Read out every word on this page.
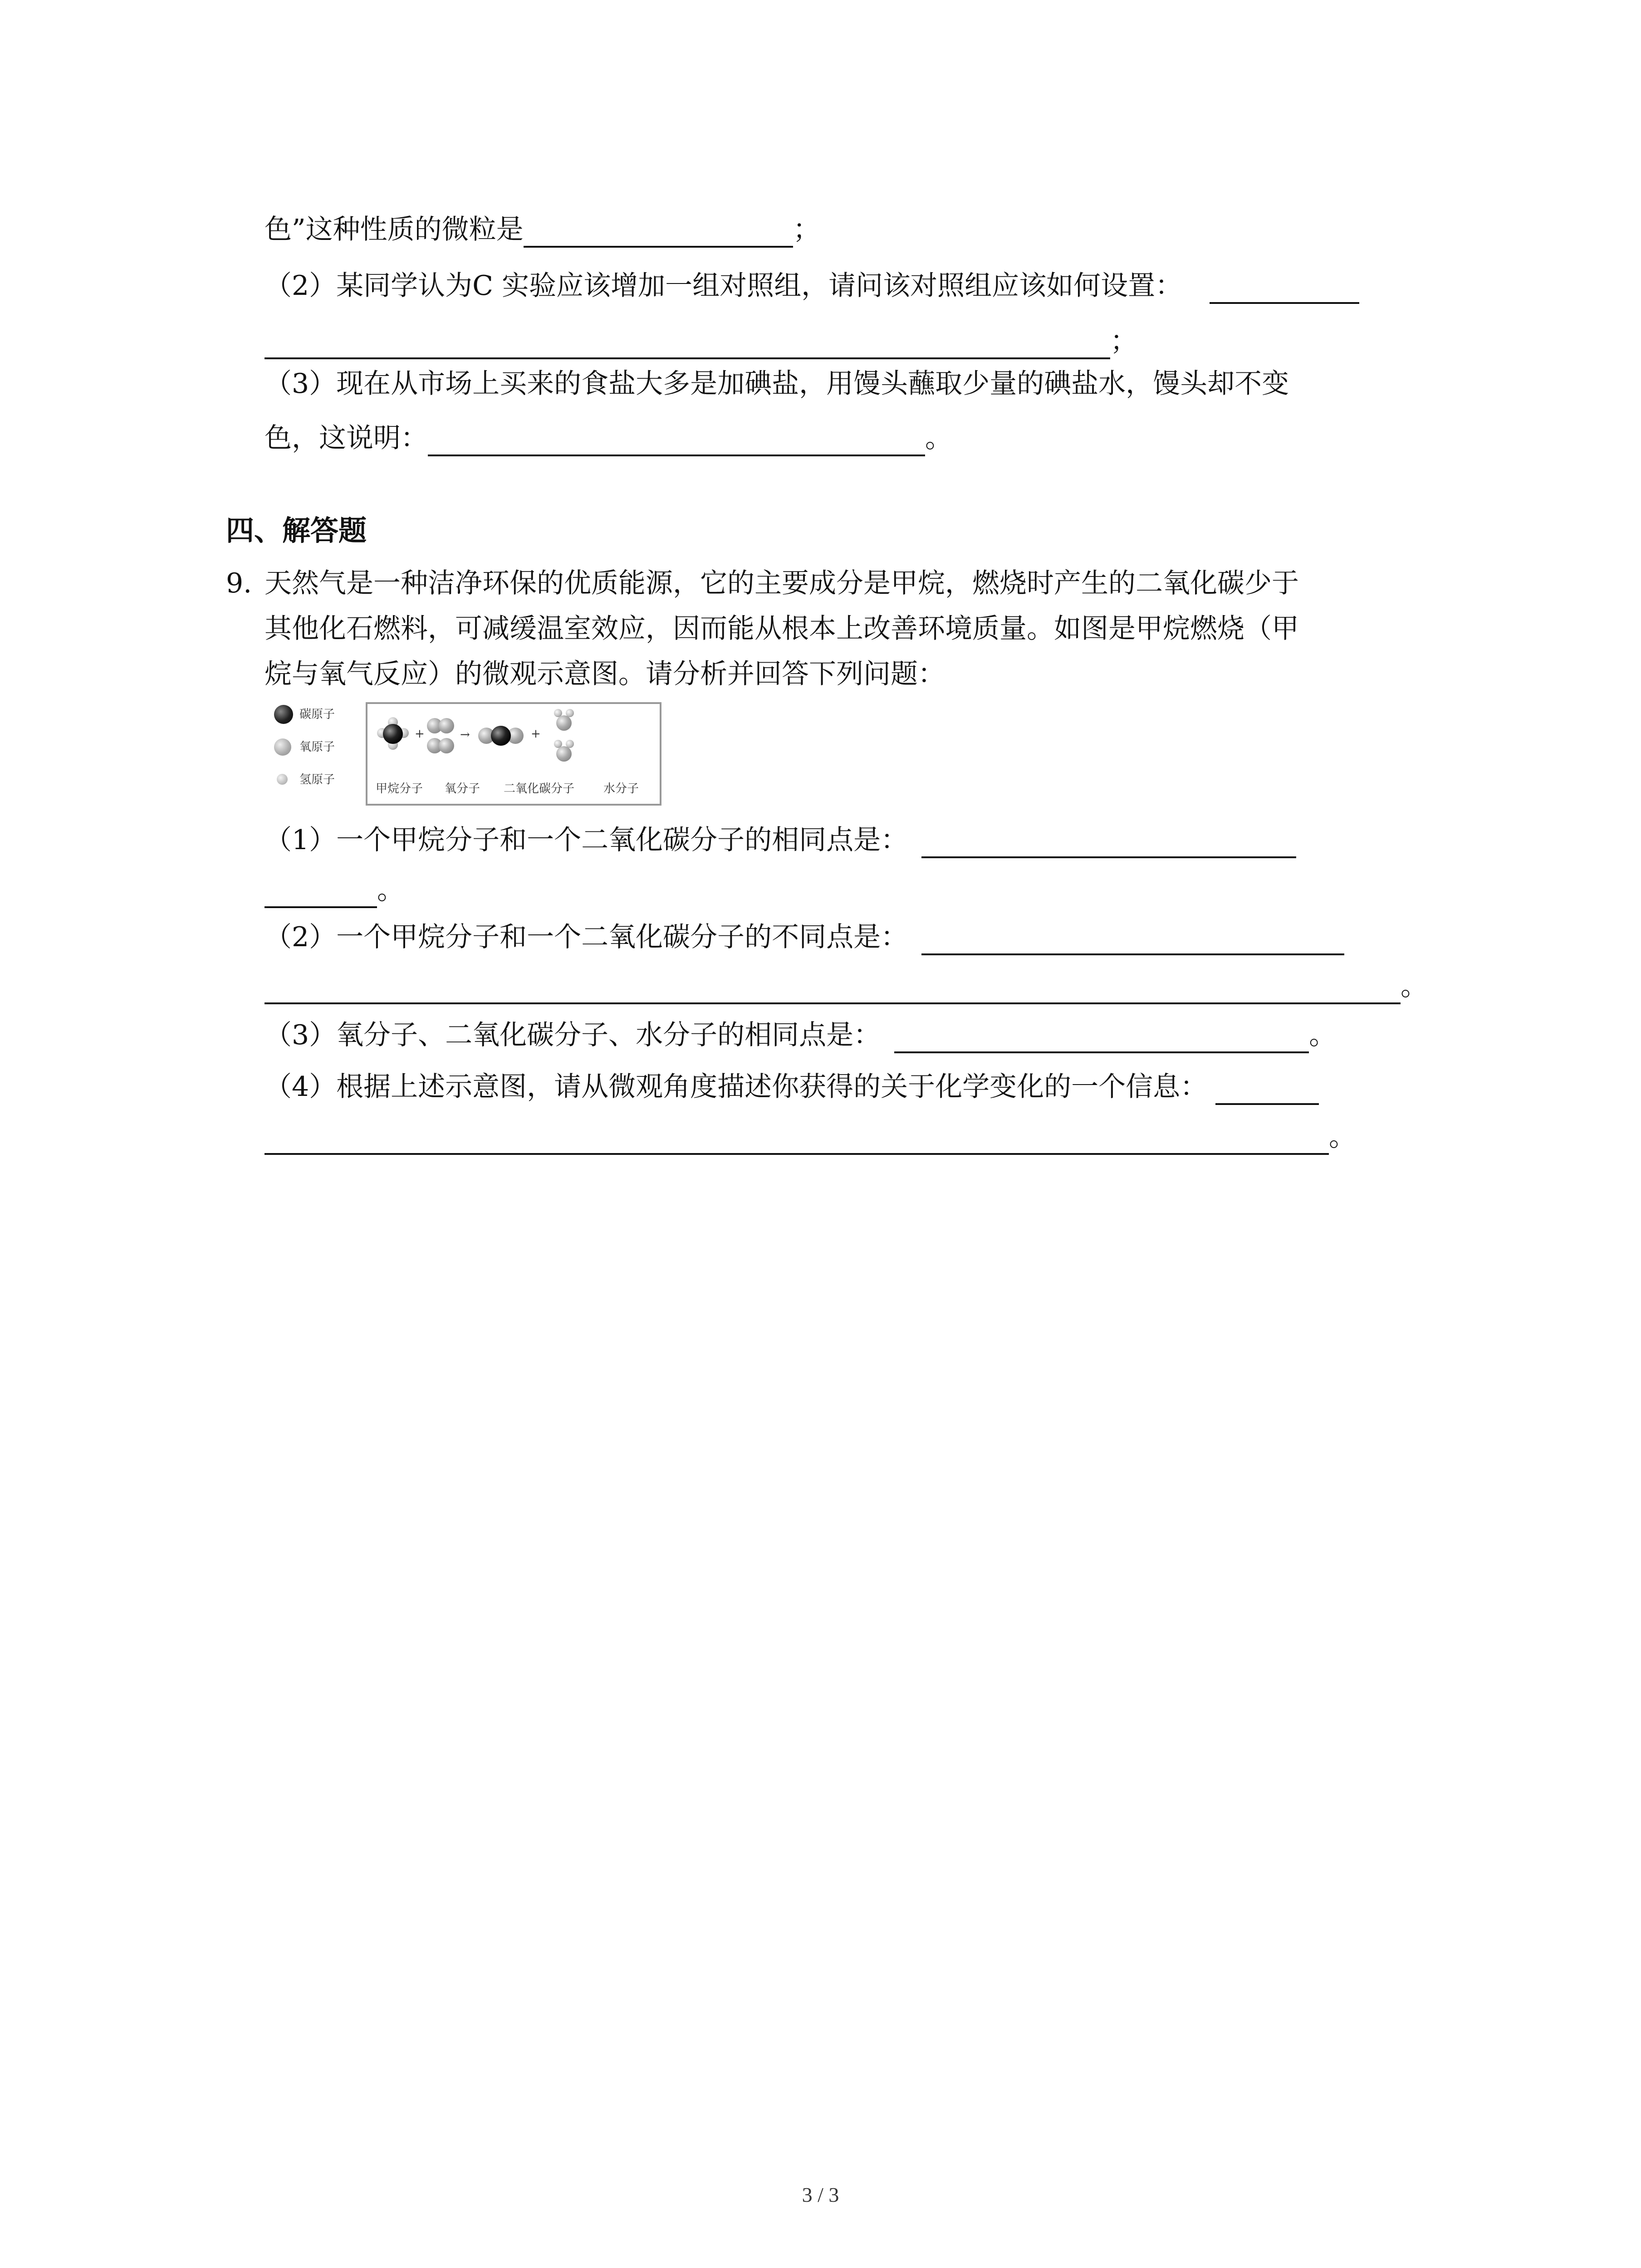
色”这种性质的微粒是	；
（2）某同学认为C 实验应该增加一组对照组，请问该对照组应该如何设置：
；
（3）现在从市场上买来的食盐大多是加碘盐，用馒头蘸取少量的碘盐水，馒头却不变
色，这说明：	。
四、解答题
9. 天然气是一种洁净环保的优质能源，它的主要成分是甲烷，燃烧时产生的二氧化碳少于
其他化石燃料，可减缓温室效应，因而能从根本上改善环境质量。如图是甲烷燃烧（甲
烷与氧气反应）的微观示意图。请分析并回答下列问题：
碳原子
氧原子
氢原子
+	→	+
甲烷分子 氧分子 二氧化碳分子 水分子
（1）一个甲烷分子和一个二氧化碳分子的相同点是：
。
（2）一个甲烷分子和一个二氧化碳分子的不同点是：
。
（3）氧分子、二氧化碳分子、水分子的相同点是：	。
（4）根据上述示意图，请从微观角度描述你获得的关于化学变化的一个信息：
。
3 / 3
